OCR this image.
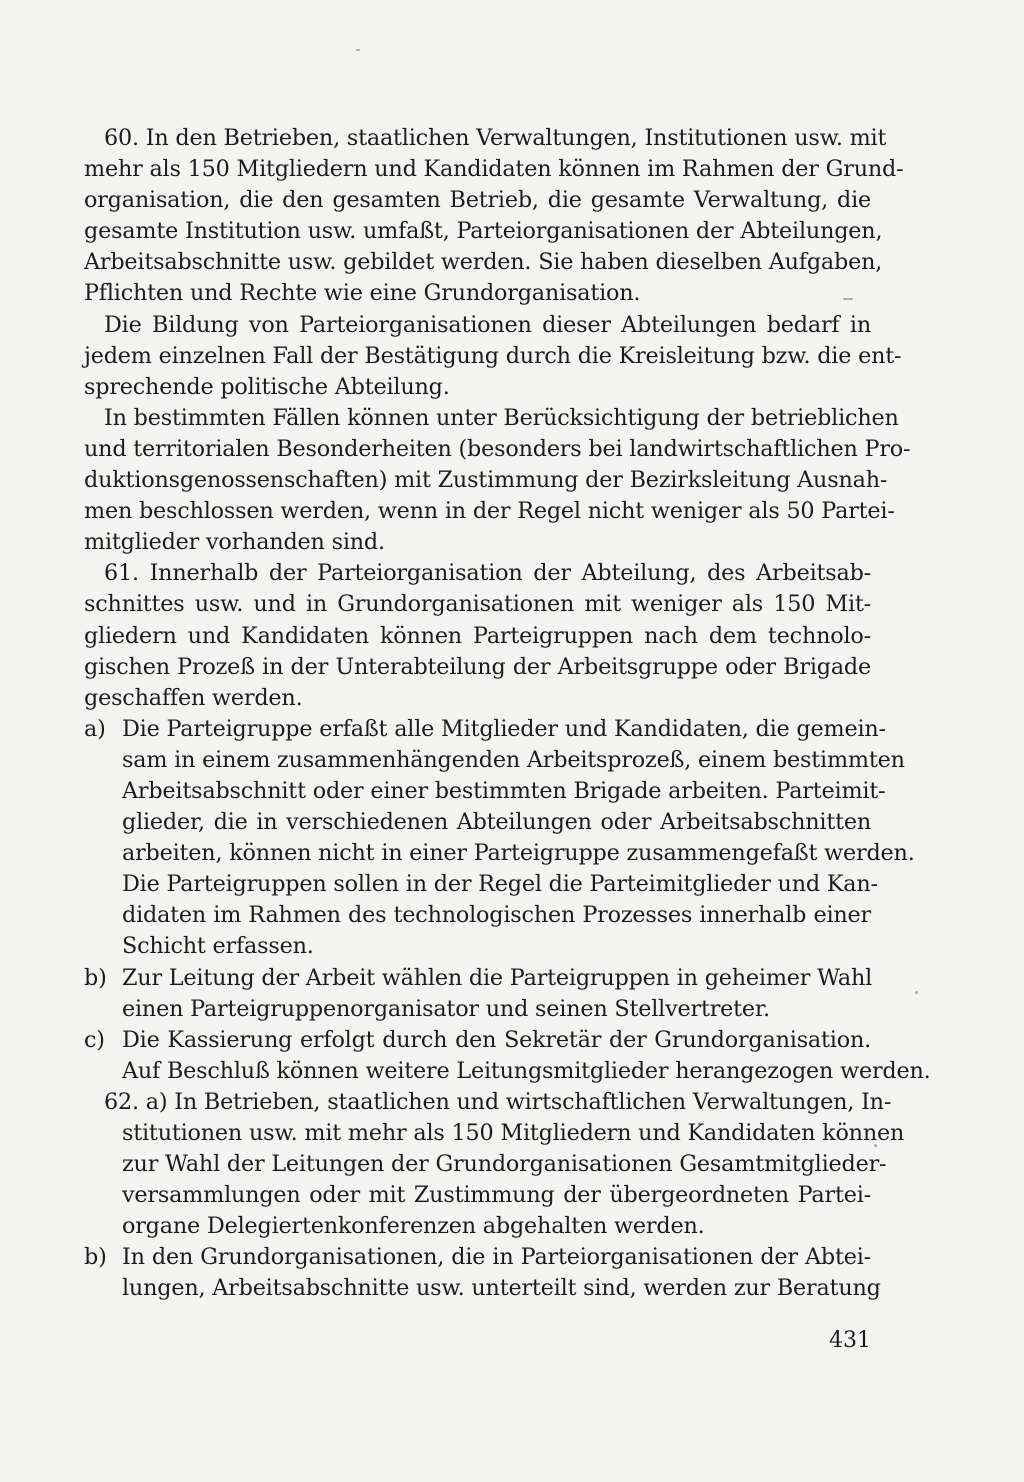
60. In den Betrieben, staatlichen Verwaltungen, Institutionen usw. mit
mehr als 150 Mitgliedern und Kandidaten können im Rahmen der Grund-
organisation, die den gesamten Betrieb, die gesamte Verwaltung, die
gesamte Institution usw. umfaßt, Parteiorganisationen der Abteilungen,
Arbeitsabschnitte usw. gebildet werden. Sie haben dieselben Aufgaben,
Pflichten und Rechte wie eine Grundorganisation.
Die Bildung von Parteiorganisationen dieser Abteilungen bedarf in
jedem einzelnen Fall der Bestätigung durch die Kreisleitung bzw. die ent-
sprechende politische Abteilung.
In bestimmten Fällen können unter Berücksichtigung der betrieblichen
und territorialen Besonderheiten (besonders bei landwirtschaftlichen Pro-
duktionsgenossenschaften) mit Zustimmung der Bezirksleitung Ausnah-
men beschlossen werden, wenn in der Regel nicht weniger als 50 Partei-
mitglieder vorhanden sind.
61. Innerhalb der Parteiorganisation der Abteilung, des Arbeitsab-
schnittes usw. und in Grundorganisationen mit weniger als 150 Mit-
gliedern und Kandidaten können Parteigruppen nach dem technolo-
gischen Prozeß in der Unterabteilung der Arbeitsgruppe oder Brigade
geschaffen werden.
a) Die Parteigruppe erfaßt alle Mitglieder und Kandidaten, die gemein-
sam in einem zusammenhängenden Arbeitsprozeß, einem bestimmten
Arbeitsabschnitt oder einer bestimmten Brigade arbeiten. Parteimit-
glieder, die in verschiedenen Abteilungen oder Arbeitsabschnitten
arbeiten, können nicht in einer Parteigruppe zusammengefaßt werden.
Die Parteigruppen sollen in der Regel die Parteimitglieder und Kan-
didaten im Rahmen des technologischen Prozesses innerhalb einer
Schicht erfassen.
b) Zur Leitung der Arbeit wählen die Parteigruppen in geheimer Wahl
einen Parteigruppenorganisator und seinen Stellvertreter.
c) Die Kassierung erfolgt durch den Sekretär der Grundorganisation.
Auf Beschluß können weitere Leitungsmitglieder herangezogen werden.
62. a) In Betrieben, staatlichen und wirtschaftlichen Verwaltungen, In-
stitutionen usw. mit mehr als 150 Mitgliedern und Kandidaten können
zur Wahl der Leitungen der Grundorganisationen Gesamtmitglieder-
versammlungen oder mit Zustimmung der übergeordneten Partei-
organe Delegiertenkonferenzen abgehalten werden.
b) In den Grundorganisationen, die in Parteiorganisationen der Abtei-
lungen, Arbeitsabschnitte usw. unterteilt sind, werden zur Beratung
431
